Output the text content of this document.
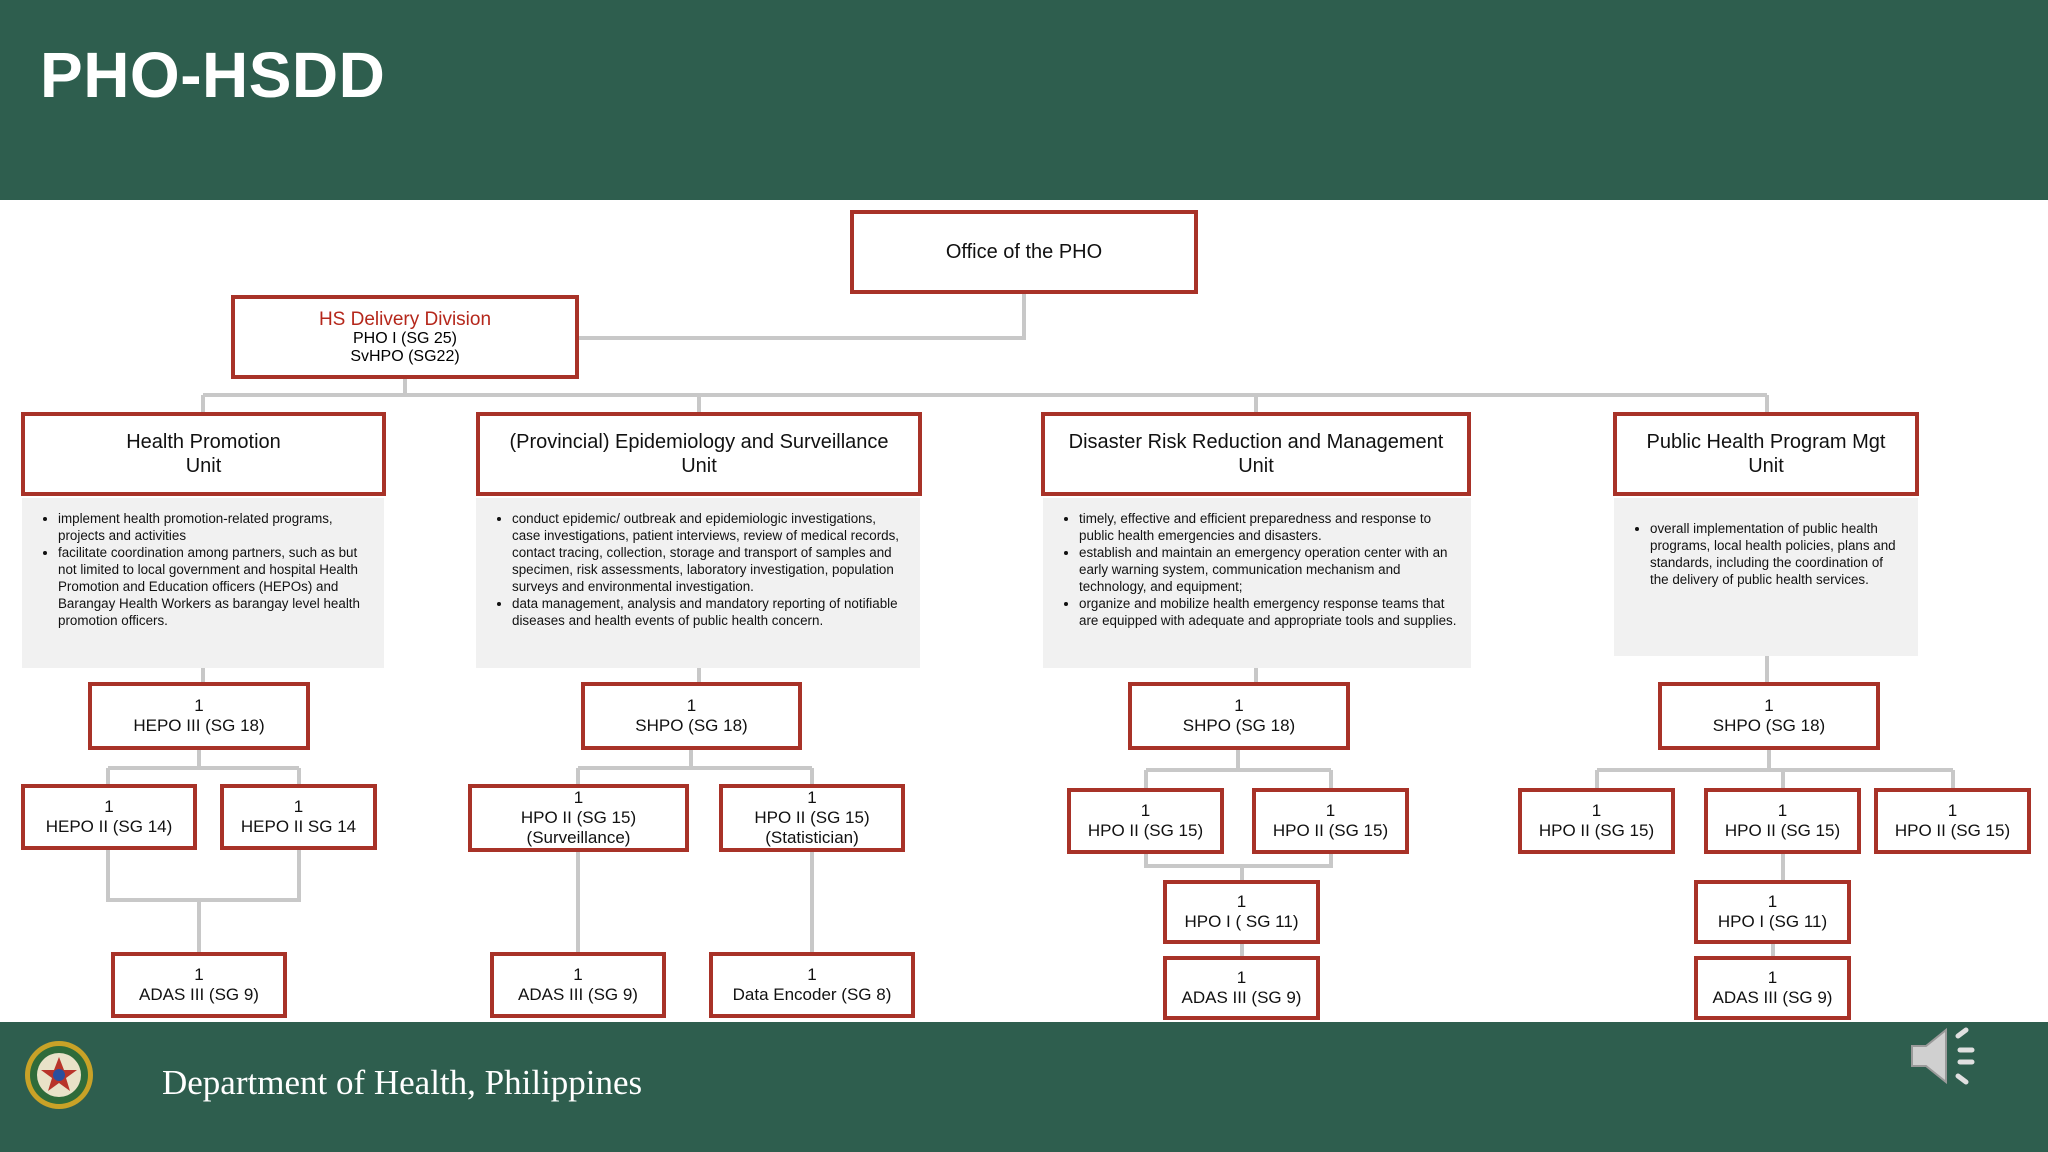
PHO-HSDD
Office of the PHO
HS Delivery Division
PHO I (SG 25)
SvHPO (SG22)
Health Promotion
Unit
(Provincial) Epidemiology and Surveillance
Unit
Disaster Risk Reduction and Management
Unit
Public Health Program Mgt
Unit
• implement health promotion-related programs, projects and activities
• facilitate coordination among partners, such as but not limited to local government and hospital Health Promotion and Education officers (HEPOs) and Barangay Health Workers as barangay level health promotion officers.
• conduct epidemic/ outbreak and epidemiologic investigations, case investigations, patient interviews, review of medical records, contact tracing, collection, storage and transport of samples and specimen, risk assessments, laboratory investigation, population surveys and environmental investigation.
• data management, analysis and mandatory reporting of notifiable diseases and health events of public health concern.
• timely, effective and efficient preparedness and response to public health emergencies and disasters.
• establish and maintain an emergency operation center with an early warning system, communication mechanism and technology, and equipment;
• organize and mobilize health emergency response teams that are equipped with adequate and appropriate tools and supplies.
• overall implementation of public health programs, local health policies, plans and standards, including the coordination of the delivery of public health services.
1
HEPO III (SG 18)
1
HEPO II (SG 14)
1
HEPO II SG 14
1
ADAS III (SG 9)
1
SHPO (SG 18)
1
HPO II (SG 15)
(Surveillance)
1
HPO II (SG 15)
(Statistician)
1
ADAS III (SG 9)
1
Data Encoder (SG 8)
1
SHPO (SG 18)
1
HPO II (SG 15)
1
HPO II (SG 15)
1
HPO I ( SG 11)
1
ADAS III (SG 9)
1
SHPO (SG 18)
1
HPO II (SG 15)
1
HPO II (SG 15)
1
HPO II (SG 15)
1
HPO I (SG 11)
1
ADAS III (SG 9)
Department of Health, Philippines
